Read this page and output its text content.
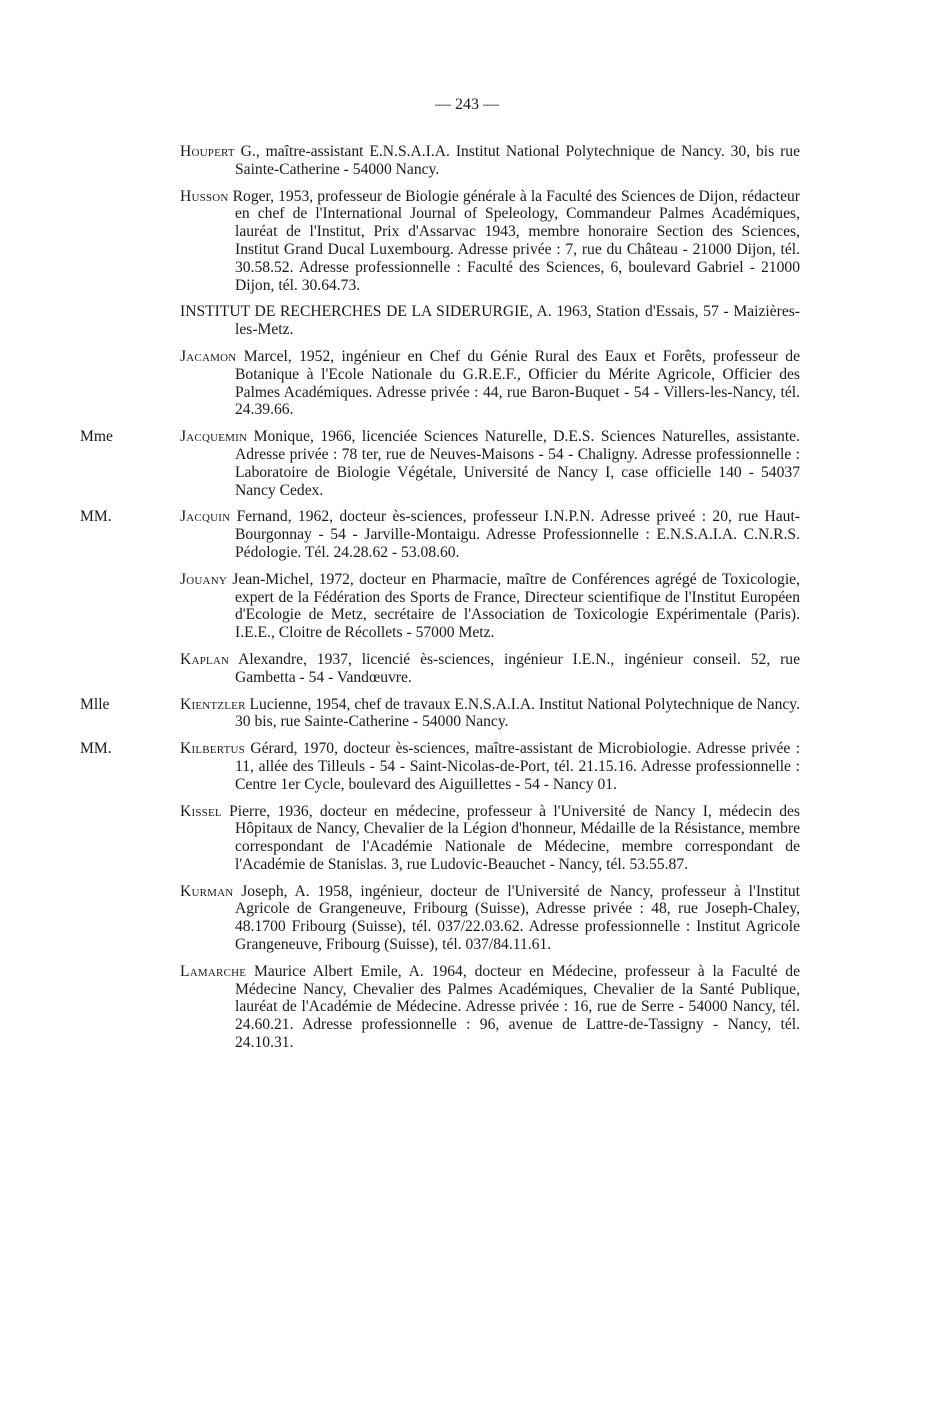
— 243 —
Houpert G., maître-assistant E.N.S.A.I.A. Institut National Polytechnique de Nancy. 30, bis rue Sainte-Catherine - 54000 Nancy.
Husson Roger, 1953, professeur de Biologie générale à la Faculté des Sciences de Dijon, rédacteur en chef de l'International Journal of Speleology, Commandeur Palmes Académiques, lauréat de l'Institut, Prix d'Assarvac 1943, membre honoraire Section des Sciences, Institut Grand Ducal Luxembourg. Adresse privée : 7, rue du Château - 21000 Dijon, tél. 30.58.52. Adresse professionnelle : Faculté des Sciences, 6, boulevard Gabriel - 21000 Dijon, tél. 30.64.73.
INSTITUT DE RECHERCHES DE LA SIDERURGIE, A. 1963, Station d'Essais, 57 - Maizières-les-Metz.
Jacamon Marcel, 1952, ingénieur en Chef du Génie Rural des Eaux et Forêts, professeur de Botanique à l'Ecole Nationale du G.R.E.F., Officier du Mérite Agricole, Officier des Palmes Académiques. Adresse privée : 44, rue Baron-Buquet - 54 - Villers-les-Nancy, tél. 24.39.66.
Mme	Jacquemin Monique, 1966, licenciée Sciences Naturelle, D.E.S. Sciences Naturelles, assistante. Adresse privée : 78 ter, rue de Neuves-Maisons - 54 - Chaligny. Adresse professionnelle : Laboratoire de Biologie Végétale, Université de Nancy I, case officielle 140 - 54037 Nancy Cedex.
MM.	Jacquin Fernand, 1962, docteur ès-sciences, professeur I.N.P.N. Adresse priveé : 20, rue Haut-Bourgonnay - 54 - Jarville-Montaigu. Adresse Professionnelle : E.N.S.A.I.A. C.N.R.S. Pédologie. Tél. 24.28.62 - 53.08.60.
Jouany Jean-Michel, 1972, docteur en Pharmacie, maître de Conférences agrégé de Toxicologie, expert de la Fédération des Sports de France, Directeur scientifique de l'Institut Européen d'Ecologie de Metz, secrétaire de l'Association de Toxicologie Expérimentale (Paris). I.E.E., Cloitre de Récollets - 57000 Metz.
Kaplan Alexandre, 1937, licencié ès-sciences, ingénieur I.E.N., ingénieur conseil. 52, rue Gambetta - 54 - Vandœuvre.
Mlle	Kientzler Lucienne, 1954, chef de travaux E.N.S.A.I.A. Institut National Polytechnique de Nancy. 30 bis, rue Sainte-Catherine - 54000 Nancy.
MM.	Kilbertus Gérard, 1970, docteur ès-sciences, maître-assistant de Microbiologie. Adresse privée : 11, allée des Tilleuls - 54 - Saint-Nicolas-de-Port, tél. 21.15.16. Adresse professionnelle : Centre 1er Cycle, boulevard des Aiguillettes - 54 - Nancy 01.
Kissel Pierre, 1936, docteur en médecine, professeur à l'Université de Nancy I, médecin des Hôpitaux de Nancy, Chevalier de la Légion d'honneur, Médaille de la Résistance, membre correspondant de l'Académie Nationale de Médecine, membre correspondant de l'Académie de Stanislas. 3, rue Ludovic-Beauchet - Nancy, tél. 53.55.87.
Kurman Joseph, A. 1958, ingénieur, docteur de l'Université de Nancy, professeur à l'Institut Agricole de Grangeneuve, Fribourg (Suisse), Adresse privée : 48, rue Joseph-Chaley, 48.1700 Fribourg (Suisse), tél. 037/22.03.62. Adresse professionnelle : Institut Agricole Grangeneuve, Fribourg (Suisse), tél. 037/84.11.61.
Lamarche Maurice Albert Emile, A. 1964, docteur en Médecine, professeur à la Faculté de Médecine Nancy, Chevalier des Palmes Académiques, Chevalier de la Santé Publique, lauréat de l'Académie de Médecine. Adresse privée : 16, rue de Serre - 54000 Nancy, tél. 24.60.21. Adresse professionnelle : 96, avenue de Lattre-de-Tassigny - Nancy, tél. 24.10.31.
